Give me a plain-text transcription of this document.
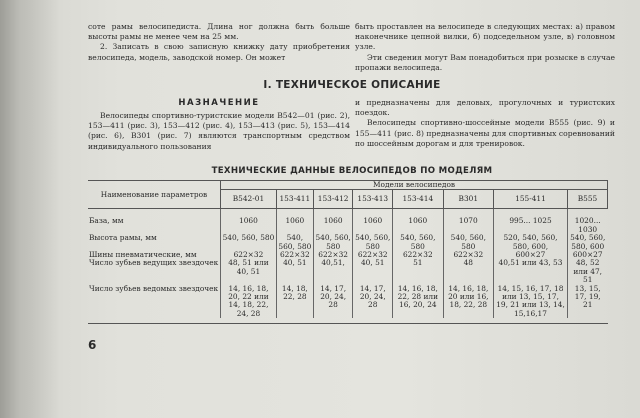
соте рамы велосипедиста. Длина ног должна быть больше высоты рамы не менее чем на 25 мм.

2. Записать в свою записную книжку дату приобретения велосипеда, модель, заводской номер. Он может

быть проставлен на велосипеде в следующих местах: а) правом наконечнике цепной вилки, б) подседельном узле, в) головном узле.

Эти сведения могут Вам понадобиться при розыске в случае пропажи велосипеда.

I. ТЕХНИЧЕСКОЕ ОПИСАНИЕ
НАЗНАЧЕНИЕ

Велосипеды спортивно-туристские модели В542—01 (рис. 2), 153—411 (рис. 3), 153—412 (рис. 4), 153—413 (рис. 5), 153—414 (рис. 6), В301 (рис. 7) являются транспортным средством индивидуального пользования

и предназначены для деловых, прогулочных и туристских поездок.

Велосипеды спортивно-шоссейные модели В555 (рис. 9) и 155—411 (рис. 8) предназначены для спортивных соревнований по шоссейным дорогам и для тренировок.

ТЕХНИЧЕСКИЕ ДАННЫЕ ВЕЛОСИПЕДОВ ПО МОДЕЛЯМ
Наименование параметров	Модели велосипедов							
	В542-01	153-411	153-412	153-413	153-414	В301	155-411	В555
База, мм	1060	1060	1060	1060	1060	1070	995... 1025	1020... 1030
Высота рамы, мм	540, 560, 580	540, 560, 580	540, 560, 580	540, 560, 580	540, 560, 580	540, 560, 580	520, 540, 560, 580, 600,	540, 560, 580, 600
Шины пневматические, мм	622×32	622×32	622×32	622×32	622×32	622×32	600×27	600×27
Число зубьев ведущих звездочек	48, 51 или 40, 51	40, 51	40,51,	40, 51	51	48	40,51 или 43, 53	48, 52 или 47, 51
Число зубьев ведомых звездочек	14, 16, 18, 20, 22 или 14, 18, 22, 24, 28	14, 18, 22, 28	14, 17, 20, 24, 28	14, 17, 20, 24, 28	14, 16, 18, 22, 28 или 16, 20, 24	14, 16, 18, 20 или 16, 18, 22, 28	14, 15, 16, 17, 18 или 13, 15, 17, 19, 21 или 13, 14, 15,16,17	13, 15, 17, 19, 21
6
